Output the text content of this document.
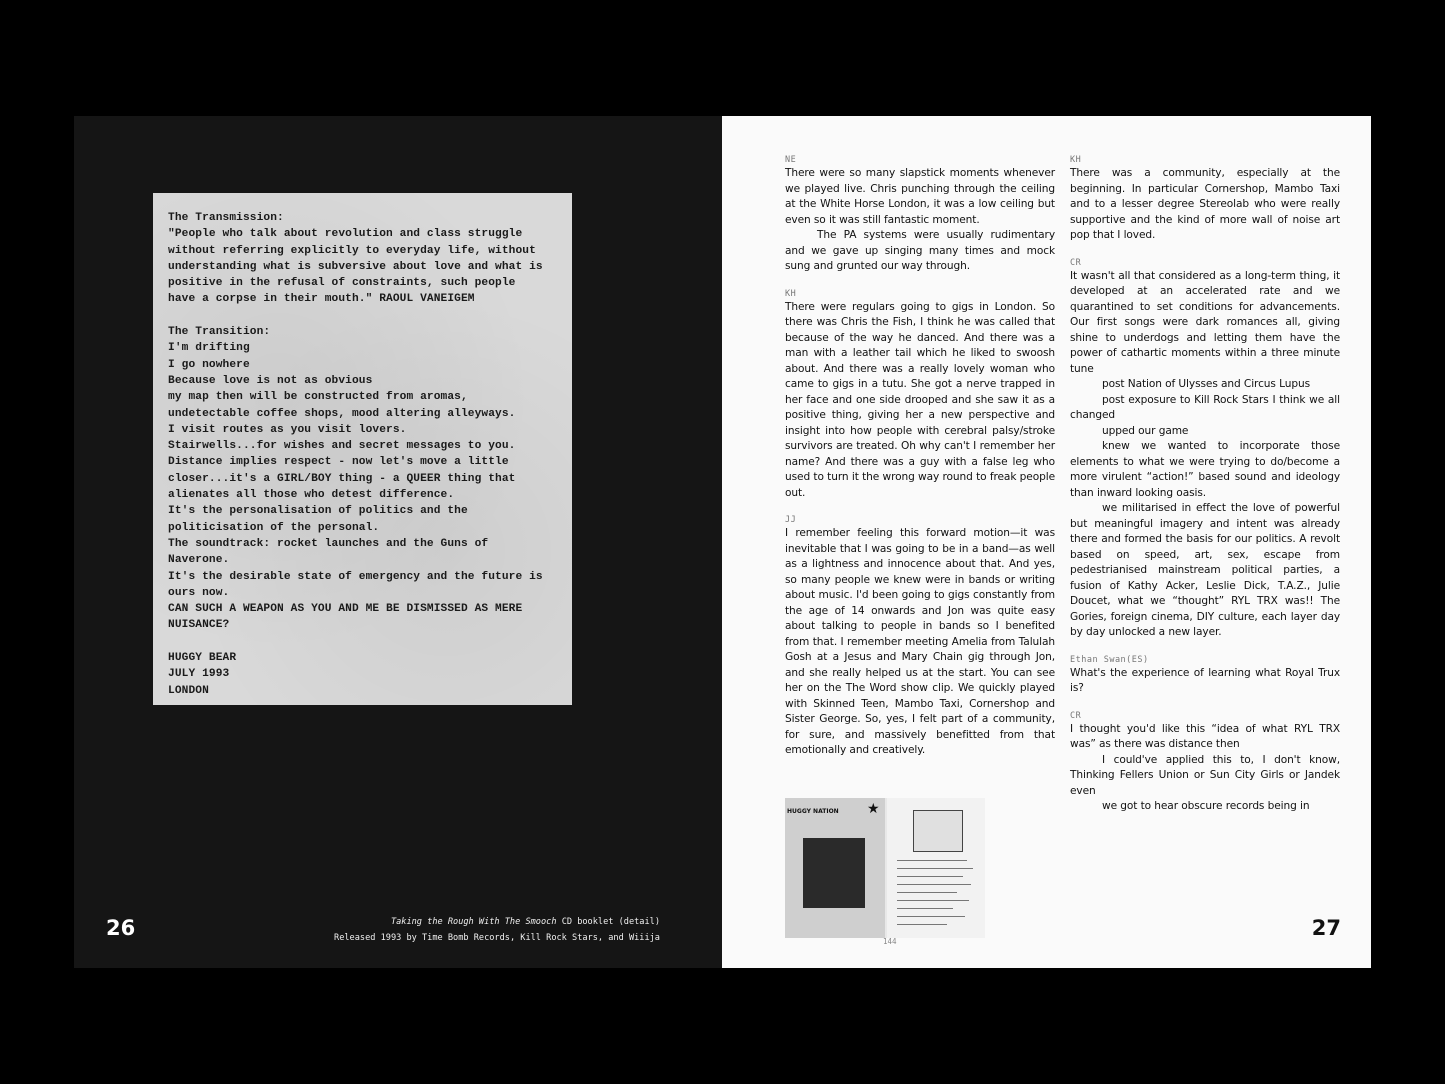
The Transmission:

"People who talk about revolution and class struggle

without referring explicitly to everyday life, without

understanding what is subversive about love and what is

positive in the refusal of constraints, such people

have a corpse in their mouth." RAOUL VANEIGEM

The Transition:

I'm drifting

I go nowhere

Because love is not as obvious

my map then will be constructed from aromas,

undetectable coffee shops, mood altering alleyways.

I visit routes as you visit lovers.

Stairwells...for wishes and secret messages to you.

Distance implies respect - now let's move a little

closer...it's a GIRL/BOY thing - a QUEER thing that

alienates all those who detest difference.

It's the personalisation of politics and the

politicisation of the personal.

The soundtrack: rocket launches and the Guns of

Naverone.

It's the desirable state of emergency and the future is

ours now.

CAN SUCH A WEAPON AS YOU AND ME BE DISMISSED AS MERE

NUISANCE?

HUGGY BEAR

JULY 1993

LONDON

Taking the Rough With The Smooch CD booklet (detail)
Released 1993 by Time Bomb Records, Kill Rock Stars, and Wiiija
26
NE
There were so many slapstick moments whenever we played live. Chris punching through the ceiling at the White Horse London, it was a low ceiling but even so it was still fantastic moment.
The PA systems were usually rudimentary and we gave up singing many times and mock sung and grunted our way through.
KH
There were regulars going to gigs in London. So there was Chris the Fish, I think he was called that because of the way he danced. And there was a man with a leather tail which he liked to swoosh about. And there was a really lovely woman who came to gigs in a tutu. She got a nerve trapped in her face and one side drooped and she saw it as a positive thing, giving her a new perspective and insight into how people with cerebral palsy/stroke survivors are treated. Oh why can't I remember her name? And there was a guy with a false leg who used to turn it the wrong way round to freak people out.
JJ
I remember feeling this forward motion—it was inevitable that I was going to be in a band—as well as a lightness and innocence about that. And yes, so many people we knew were in bands or writing about music. I'd been going to gigs constantly from the age of 14 onwards and Jon was quite easy about talking to people in bands so I benefited from that. I remember meeting Amelia from Talulah Gosh at a Jesus and Mary Chain gig through Jon, and she really helped us at the start. You can see her on the The Word show clip. We quickly played with Skinned Teen, Mambo Taxi, Cornershop and Sister George. So, yes, I felt part of a community, for sure, and massively benefitted from that emotionally and creatively.
KH
There was a community, especially at the beginning. In particular Cornershop, Mambo Taxi and to a lesser degree Stereolab who were really supportive and the kind of more wall of noise art pop that I loved.
CR
It wasn't all that considered as a long-term thing, it developed at an accelerated rate and we quarantined to set conditions for advancements. Our first songs were dark romances all, giving shine to underdogs and letting them have the power of cathartic moments within a three minute tune
post Nation of Ulysses and Circus Lupus
post exposure to Kill Rock Stars I think we all changed
upped our game
knew we wanted to incorporate those elements to what we were trying to do/become a more virulent “action!” based sound and ideology than inward looking oasis.
we militarised in effect the love of powerful but meaningful imagery and intent was already there and formed the basis for our politics. A revolt based on speed, art, sex, escape from pedestrianised mainstream political parties, a fusion of Kathy Acker, Leslie Dick, T.A.Z., Julie Doucet, what we “thought” RYL TRX was!! The Gories, foreign cinema, DIY culture, each layer day by day unlocked a new layer.
Ethan Swan(ES)
What's the experience of learning what Royal Trux is?
CR
I thought you'd like this “idea of what RYL TRX was” as there was distance then
I could've applied this to, I don't know, Thinking Fellers Union or Sun City Girls or Jandek even
we got to hear obscure records being in
HUGGY NATION ★
27
144
